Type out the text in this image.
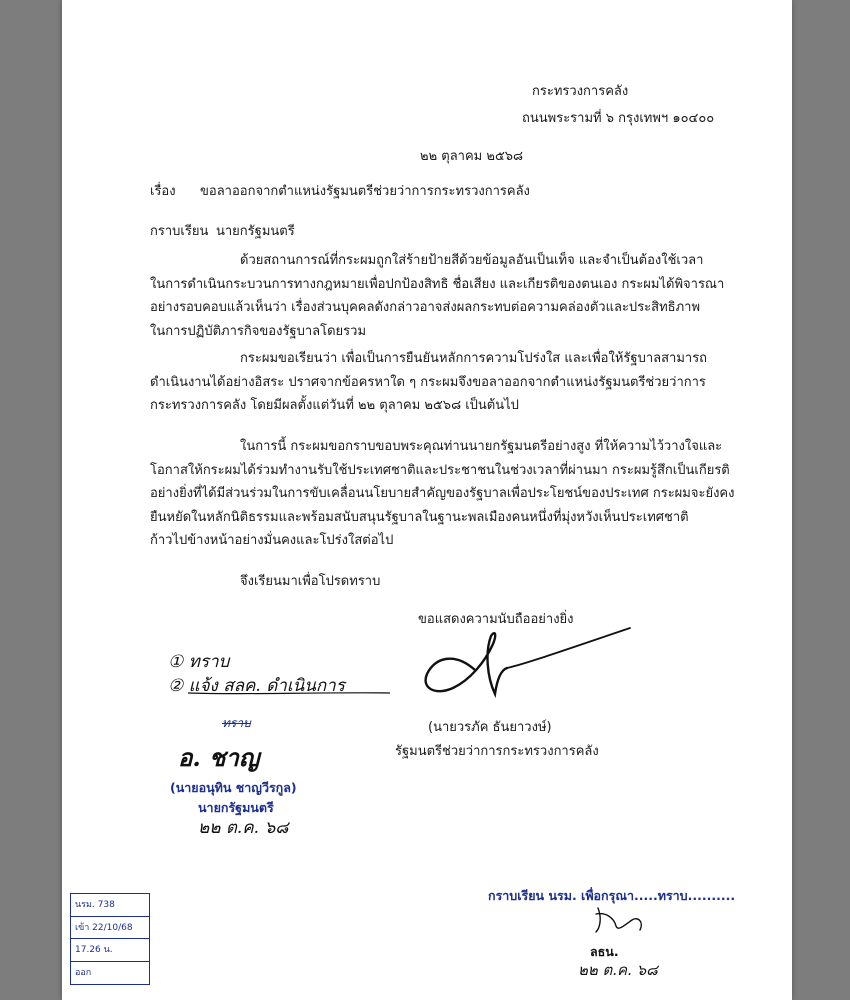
กระทรวงการคลัง
ถนนพระรามที่ ๖ กรุงเทพฯ ๑๐๔๐๐
๒๒ ตุลาคม ๒๕๖๘
เรื่อง ขอลาออกจากตำแหน่งรัฐมนตรีช่วยว่าการกระทรวงการคลัง
กราบเรียน นายกรัฐมนตรี
ด้วยสถานการณ์ที่กระผมถูกใส่ร้ายป้ายสีด้วยข้อมูลอันเป็นเท็จ และจำเป็นต้องใช้เวลา
ในการดำเนินกระบวนการทางกฎหมายเพื่อปกป้องสิทธิ ชื่อเสียง และเกียรติของตนเอง กระผมได้พิจารณา
อย่างรอบคอบแล้วเห็นว่า เรื่องส่วนบุคคลดังกล่าวอาจส่งผลกระทบต่อความคล่องตัวและประสิทธิภาพ
ในการปฏิบัติภารกิจของรัฐบาลโดยรวม
กระผมขอเรียนว่า เพื่อเป็นการยืนยันหลักการความโปร่งใส และเพื่อให้รัฐบาลสามารถ
ดำเนินงานได้อย่างอิสระ ปราศจากข้อครหาใด ๆ กระผมจึงขอลาออกจากตำแหน่งรัฐมนตรีช่วยว่าการ
กระทรวงการคลัง โดยมีผลตั้งแต่วันที่ ๒๒ ตุลาคม ๒๕๖๘ เป็นต้นไป
ในการนี้ กระผมขอกราบขอบพระคุณท่านนายกรัฐมนตรีอย่างสูง ที่ให้ความไว้วางใจและ
โอกาสให้กระผมได้ร่วมทำงานรับใช้ประเทศชาติและประชาชนในช่วงเวลาที่ผ่านมา กระผมรู้สึกเป็นเกียรติ
อย่างยิ่งที่ได้มีส่วนร่วมในการขับเคลื่อนนโยบายสำคัญของรัฐบาลเพื่อประโยชน์ของประเทศ กระผมจะยังคง
ยืนหยัดในหลักนิติธรรมและพร้อมสนับสนุนรัฐบาลในฐานะพลเมืองคนหนึ่งที่มุ่งหวังเห็นประเทศชาติ
ก้าวไปข้างหน้าอย่างมั่นคงและโปร่งใสต่อไป
จึงเรียนมาเพื่อโปรดทราบ
ขอแสดงความนับถืออย่างยิ่ง
(นายวรภัค ธันยาวงษ์)
รัฐมนตรีช่วยว่าการกระทรวงการคลัง
① ทราบ
② แจ้ง สลค. ดำเนินการ
ทราบ
อ. ชาญ
(นายอนุทิน ชาญวีรกูล)
นายกรัฐมนตรี
๒๒ ต.ค. ๖๘
กราบเรียน นรม. เพื่อกรุณา.....ทราบ..........
ลธน.
๒๒ ต.ค. ๖๘
นรม. 738
เข้า 22/10/68
17.26 น.
ออก
